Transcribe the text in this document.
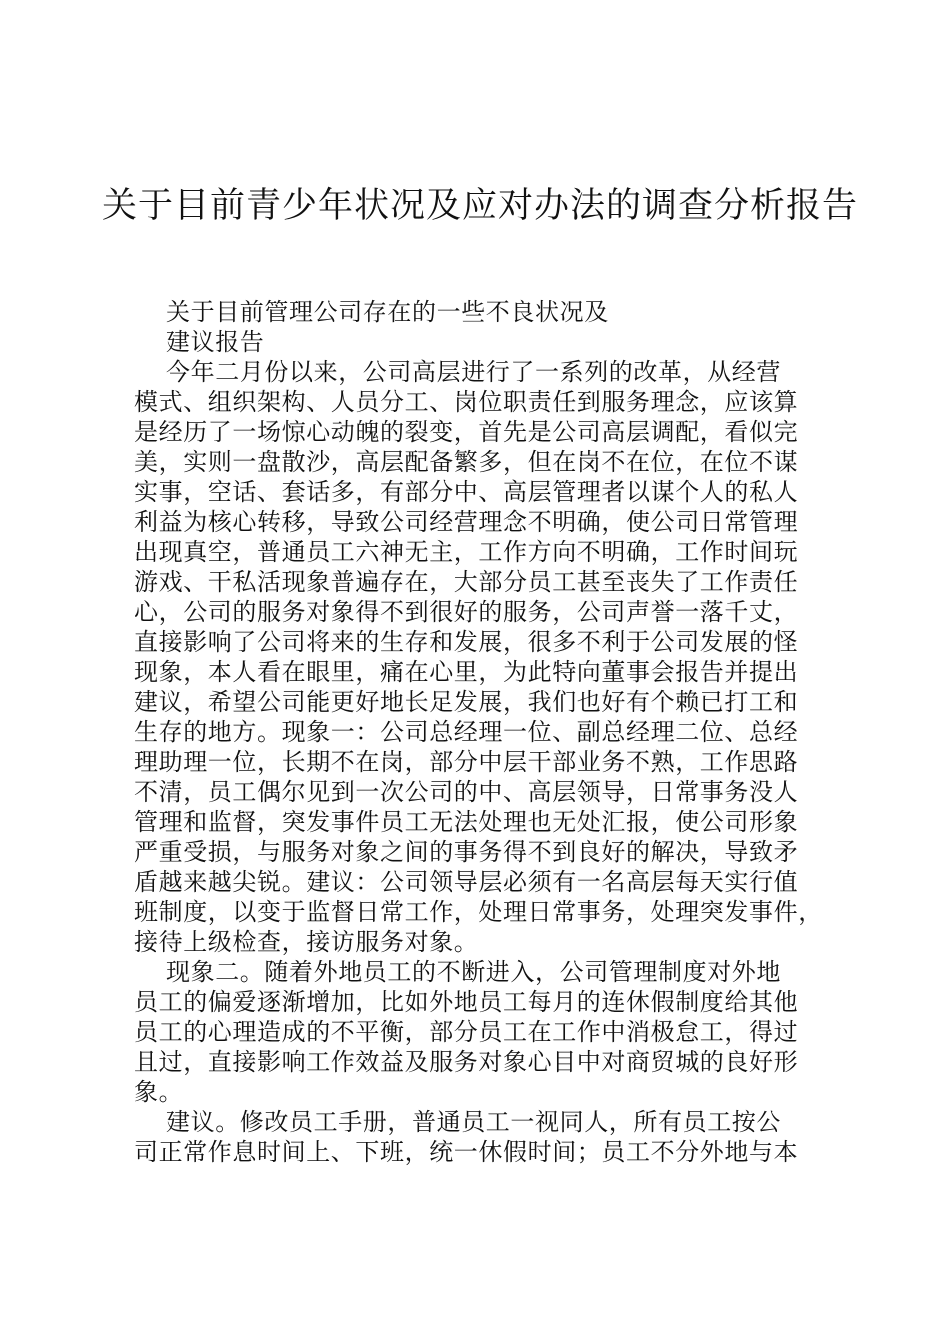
关于目前青少年状况及应对办法的调查分析报告
关于目前管理公司存在的一些不良状况及
建议报告
今年二月份以来，公司高层进行了一系列的改革，从经营
模式、组织架构、人员分工、岗位职责任到服务理念，应该算
是经历了一场惊心动魄的裂变，首先是公司高层调配，看似完
美，实则一盘散沙，高层配备繁多，但在岗不在位，在位不谋
实事，空话、套话多，有部分中、高层管理者以谋个人的私人
利益为核心转移，导致公司经营理念不明确，使公司日常管理
出现真空，普通员工六神无主，工作方向不明确，工作时间玩
游戏、干私活现象普遍存在，大部分员工甚至丧失了工作责任
心，公司的服务对象得不到很好的服务，公司声誉一落千丈，
直接影响了公司将来的生存和发展，很多不利于公司发展的怪
现象，本人看在眼里，痛在心里，为此特向董事会报告并提出
建议，希望公司能更好地长足发展，我们也好有个赖已打工和
生存的地方。现象一：公司总经理一位、副总经理二位、总经
理助理一位，长期不在岗，部分中层干部业务不熟，工作思路
不清，员工偶尔见到一次公司的中、高层领导，日常事务没人
管理和监督，突发事件员工无法处理也无处汇报，使公司形象
严重受损，与服务对象之间的事务得不到良好的解决，导致矛
盾越来越尖锐。建议：公司领导层必须有一名高层每天实行值
班制度，以变于监督日常工作，处理日常事务，处理突发事件，
接待上级检查，接访服务对象。
现象二。随着外地员工的不断进入，公司管理制度对外地
员工的偏爱逐渐增加，比如外地员工每月的连休假制度给其他
员工的心理造成的不平衡，部分员工在工作中消极怠工，得过
且过，直接影响工作效益及服务对象心目中对商贸城的良好形
象。
建议。修改员工手册，普通员工一视同人，所有员工按公
司正常作息时间上、下班，统一休假时间；员工不分外地与本
